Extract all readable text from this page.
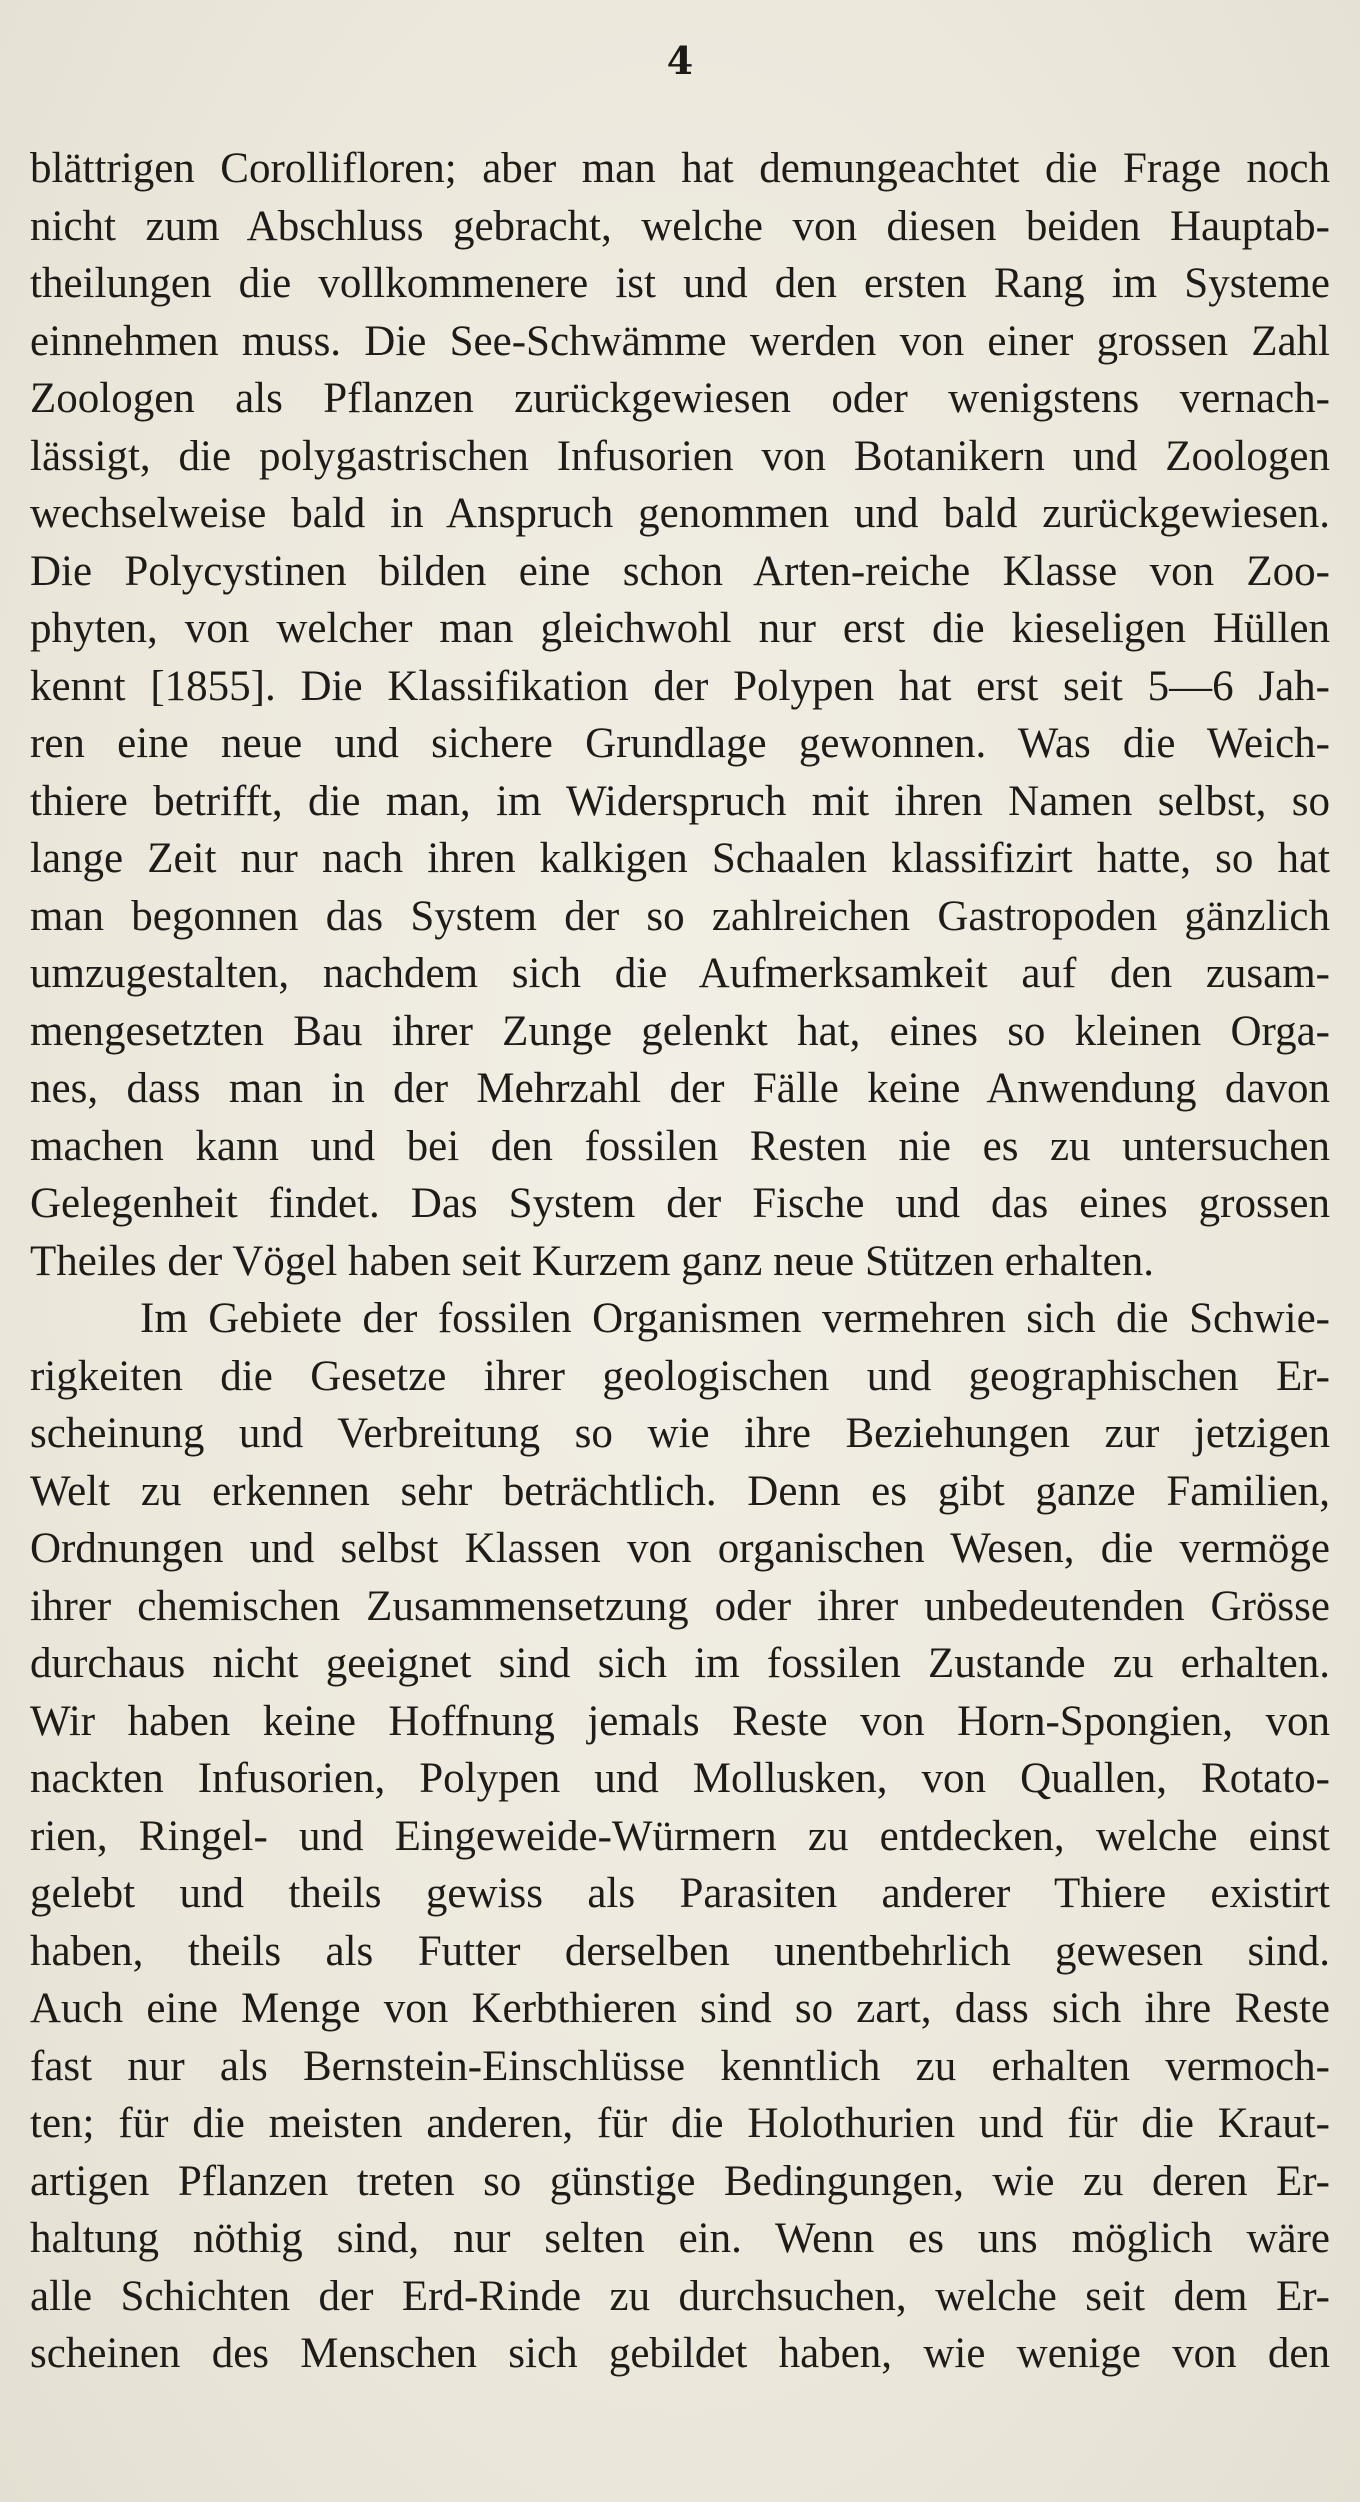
4
blättrigen Corollifloren; aber man hat demungeachtet die Frage noch
nicht zum Abschluss gebracht, welche von diesen beiden Hauptab-
theilungen die vollkommenere ist und den ersten Rang im Systeme
einnehmen muss. Die See-Schwämme werden von einer grossen Zahl
Zoologen als Pflanzen zurückgewiesen oder wenigstens vernach-
lässigt, die polygastrischen Infusorien von Botanikern und Zoologen
wechselweise bald in Anspruch genommen und bald zurückgewiesen.
Die Polycystinen bilden eine schon Arten-reiche Klasse von Zoo-
phyten, von welcher man gleichwohl nur erst die kieseligen Hüllen
kennt [1855]. Die Klassifikation der Polypen hat erst seit 5—6 Jah-
ren eine neue und sichere Grundlage gewonnen. Was die Weich-
thiere betrifft, die man, im Widerspruch mit ihren Namen selbst, so
lange Zeit nur nach ihren kalkigen Schaalen klassifizirt hatte, so hat
man begonnen das System der so zahlreichen Gastropoden gänzlich
umzugestalten, nachdem sich die Aufmerksamkeit auf den zusam-
mengesetzten Bau ihrer Zunge gelenkt hat, eines so kleinen Orga-
nes, dass man in der Mehrzahl der Fälle keine Anwendung davon
machen kann und bei den fossilen Resten nie es zu untersuchen
Gelegenheit findet. Das System der Fische und das eines grossen
Theiles der Vögel haben seit Kurzem ganz neue Stützen erhalten.
Im Gebiete der fossilen Organismen vermehren sich die Schwie-
rigkeiten die Gesetze ihrer geologischen und geographischen Er-
scheinung und Verbreitung so wie ihre Beziehungen zur jetzigen
Welt zu erkennen sehr beträchtlich. Denn es gibt ganze Familien,
Ordnungen und selbst Klassen von organischen Wesen, die vermöge
ihrer chemischen Zusammensetzung oder ihrer unbedeutenden Grösse
durchaus nicht geeignet sind sich im fossilen Zustande zu erhalten.
Wir haben keine Hoffnung jemals Reste von Horn-Spongien, von
nackten Infusorien, Polypen und Mollusken, von Quallen, Rotato-
rien, Ringel- und Eingeweide-Würmern zu entdecken, welche einst
gelebt und theils gewiss als Parasiten anderer Thiere existirt
haben, theils als Futter derselben unentbehrlich gewesen sind.
Auch eine Menge von Kerbthieren sind so zart, dass sich ihre Reste
fast nur als Bernstein-Einschlüsse kenntlich zu erhalten vermoch-
ten; für die meisten anderen, für die Holothurien und für die Kraut-
artigen Pflanzen treten so günstige Bedingungen, wie zu deren Er-
haltung nöthig sind, nur selten ein. Wenn es uns möglich wäre
alle Schichten der Erd-Rinde zu durchsuchen, welche seit dem Er-
scheinen des Menschen sich gebildet haben, wie wenige von den
